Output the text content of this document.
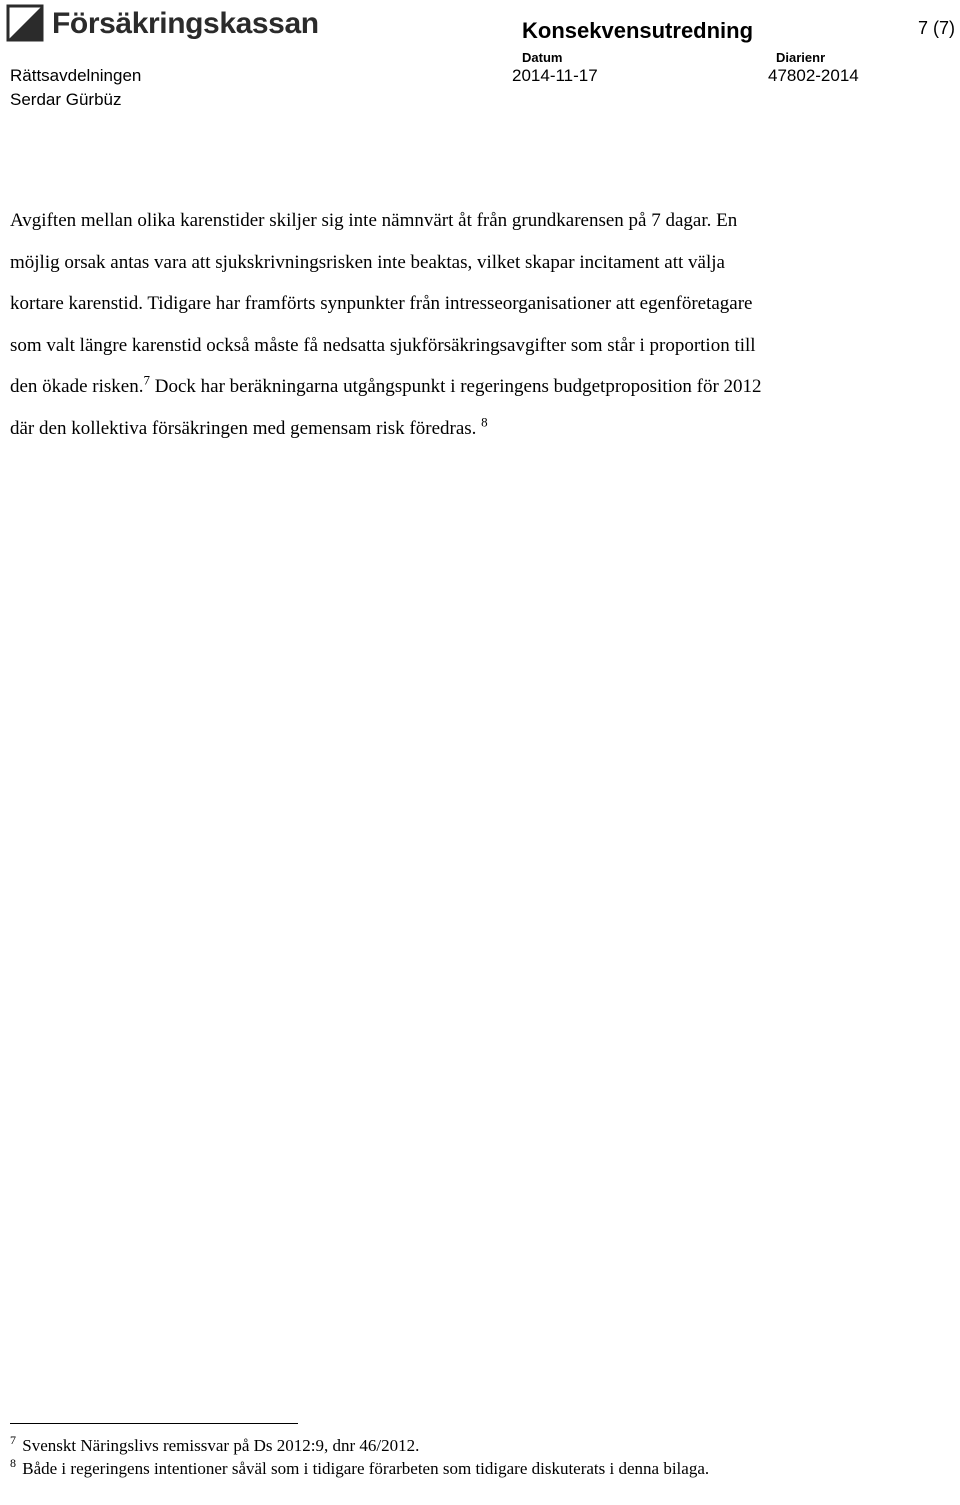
Försäkringskassan	Konsekvensutredning	7 (7)
Datum	Diarienr
Rättsavdelningen	2014-11-17	47802-2014
Serdar Gürbüz

Avgiften mellan olika karenstider skiljer sig inte nämnvärt åt från grundkarensen på 7 dagar. En möjlig orsak antas vara att sjukskrivningsrisken inte beaktas, vilket skapar incitament att välja kortare karenstid. Tidigare har framförts synpunkter från intresseorganisationer att egenföretagare som valt längre karenstid också måste få nedsatta sjukförsäkringsavgifter som står i proportion till den ökade risken.$^7$ Dock har beräkningarna utgångspunkt i regeringens budgetproposition för 2012 där den kollektiva försäkringen med gemensam risk föredras. $^8$

$^7$ Svenskt Näringslivs remissvar på Ds 2012:9, dnr 46/2012.

$^8$ Både i regeringens intentioner såväl som i tidigare förarbeten som tidigare diskuterats i denna bilaga.
